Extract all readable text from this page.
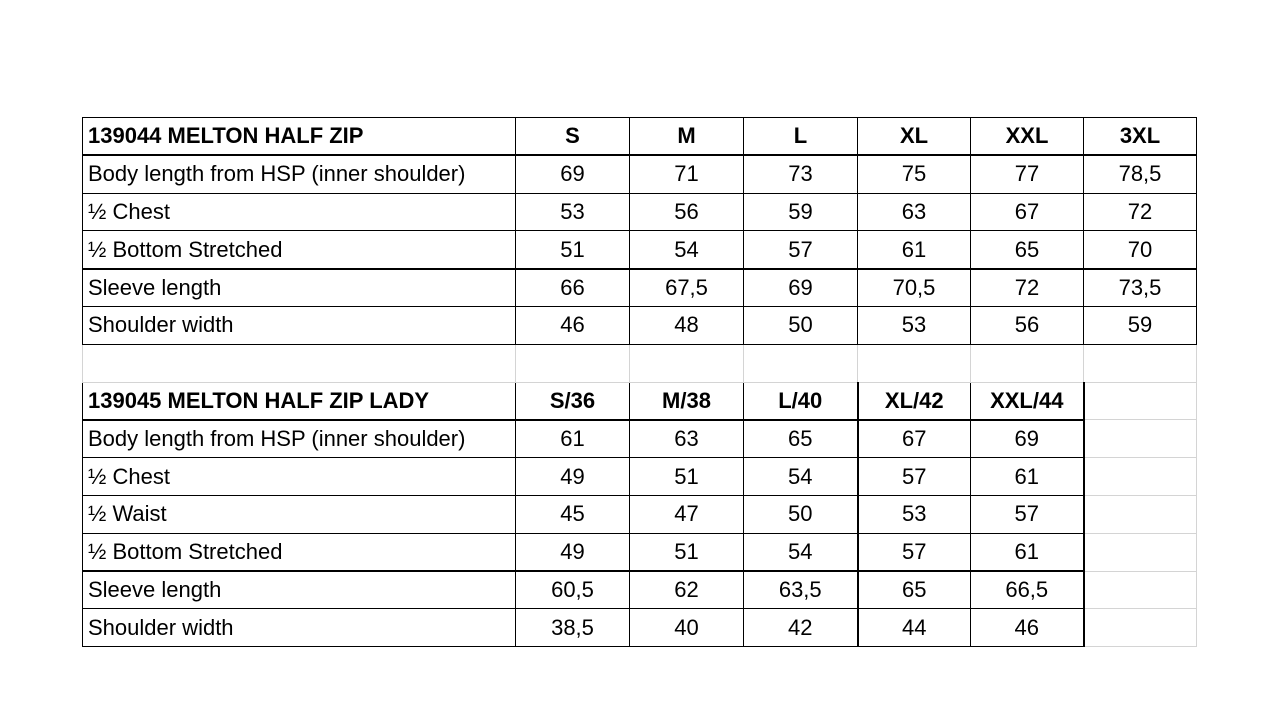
139044 MELTON HALF ZIP	S	M	L	XL	XXL	3XL
Body length from HSP (inner shoulder)	69	71	73	75	77	78,5
½ Chest	53	56	59	63	67	72
½ Bottom Stretched	51	54	57	61	65	70
Sleeve length	66	67,5	69	70,5	72	73,5
Shoulder width	46	48	50	53	56	59

139045 MELTON HALF ZIP LADY	S/36	M/38	L/40	XL/42	XXL/44	
Body length from HSP (inner shoulder)	61	63	65	67	69	
½ Chest	49	51	54	57	61	
½ Waist	45	47	50	53	57	
½ Bottom Stretched	49	51	54	57	61	
Sleeve length	60,5	62	63,5	65	66,5	
Shoulder width	38,5	40	42	44	46	
